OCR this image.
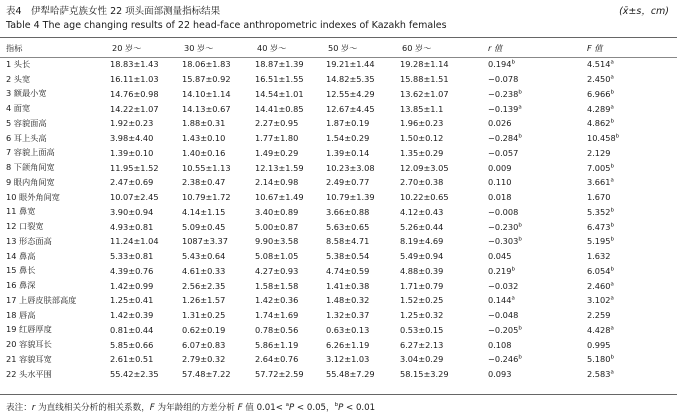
表4　伊犁哈萨克族女性 22 项头面部测量指标结果	(x̄±s，cm)
Table 4 The age changing results of 22 head-face anthropometric indexes of Kazakh females
指标	20 岁～	30 岁～	40 岁～	50 岁～	60 岁～	r 值	F 值
1 头长	18.83±1.43	18.06±1.83	18.87±1.39	19.21±1.44	19.28±1.14	0.194$^b$	4.514$^a$
2 头宽	16.11±1.03	15.87±0.92	16.51±1.55	14.82±5.35	15.88±1.51	−0.078	2.450$^a$
3 额最小宽	14.76±0.98	14.10±1.14	14.54±1.01	12.55±4.29	13.62±1.07	−0.238$^b$	6.966$^b$
4 面宽	14.22±1.07	14.13±0.67	14.41±0.85	12.67±4.45	13.85±1.1	−0.139$^a$	4.289$^a$
5 容貌面高	1.92±0.23	1.88±0.31	2.27±0.95	1.87±0.19	1.96±0.23	0.026	4.862$^b$
6 耳上头高	3.98±4.40	1.43±0.10	1.77±1.80	1.54±0.29	1.50±0.12	−0.284$^b$	10.458$^b$
7 容貌上面高	1.39±0.10	1.40±0.16	1.49±0.29	1.39±0.14	1.35±0.29	−0.057	2.129
8 下颌角间宽	11.95±1.52	10.55±1.13	12.13±1.59	10.23±3.08	12.09±3.05	0.009	7.005$^b$
9 眼内角间宽	2.47±0.69	2.38±0.47	2.14±0.98	2.49±0.77	2.70±0.38	0.110	3.661$^a$
10 眼外角间宽	10.07±2.45	10.79±1.72	10.67±1.49	10.79±1.39	10.22±0.65	0.018	1.670
11 鼻宽	3.90±0.94	4.14±1.15	3.40±0.89	3.66±0.88	4.12±0.43	−0.008	5.352$^b$
12 口裂宽	4.93±0.81	5.09±0.45	5.00±0.87	5.63±0.65	5.26±0.44	−0.230$^b$	6.473$^b$
13 形态面高	11.24±1.04	1087±3.37	9.90±3.58	8.58±4.71	8.19±4.69	−0.303$^b$	5.195$^b$
14 鼻高	5.33±0.81	5.43±0.64	5.08±1.05	5.38±0.54	5.49±0.94	0.045	1.632
15 鼻长	4.39±0.76	4.61±0.33	4.27±0.93	4.74±0.59	4.88±0.39	0.219$^b$	6.054$^b$
16 鼻深	1.42±0.99	2.56±2.35	1.58±1.58	1.41±0.38	1.71±0.79	−0.032	2.460$^a$
17 上唇皮肤部高度	1.25±0.41	1.26±1.57	1.42±0.36	1.48±0.32	1.52±0.25	0.144$^a$	3.102$^a$
18 唇高	1.42±0.39	1.31±0.25	1.74±1.69	1.32±0.37	1.25±0.32	−0.048	2.259
19 红唇厚度	0.81±0.44	0.62±0.19	0.78±0.56	0.63±0.13	0.53±0.15	−0.205$^b$	4.428$^a$
20 容貌耳长	5.85±0.66	6.07±0.83	5.86±1.19	6.26±1.19	6.27±2.13	0.108	0.995
21 容貌耳宽	2.61±0.51	2.79±0.32	2.64±0.76	3.12±1.03	3.04±0.29	−0.246$^b$	5.180$^b$
22 头水平围	55.42±2.35	57.48±7.22	57.72±2.59	55.48±7.29	58.15±3.29	0.093	2.583$^a$
表注：r 为直线相关分析的相关系数，F 为年龄组的方差分析 F 值 0.01< $^a$P < 0.05，$^b$P < 0.01
